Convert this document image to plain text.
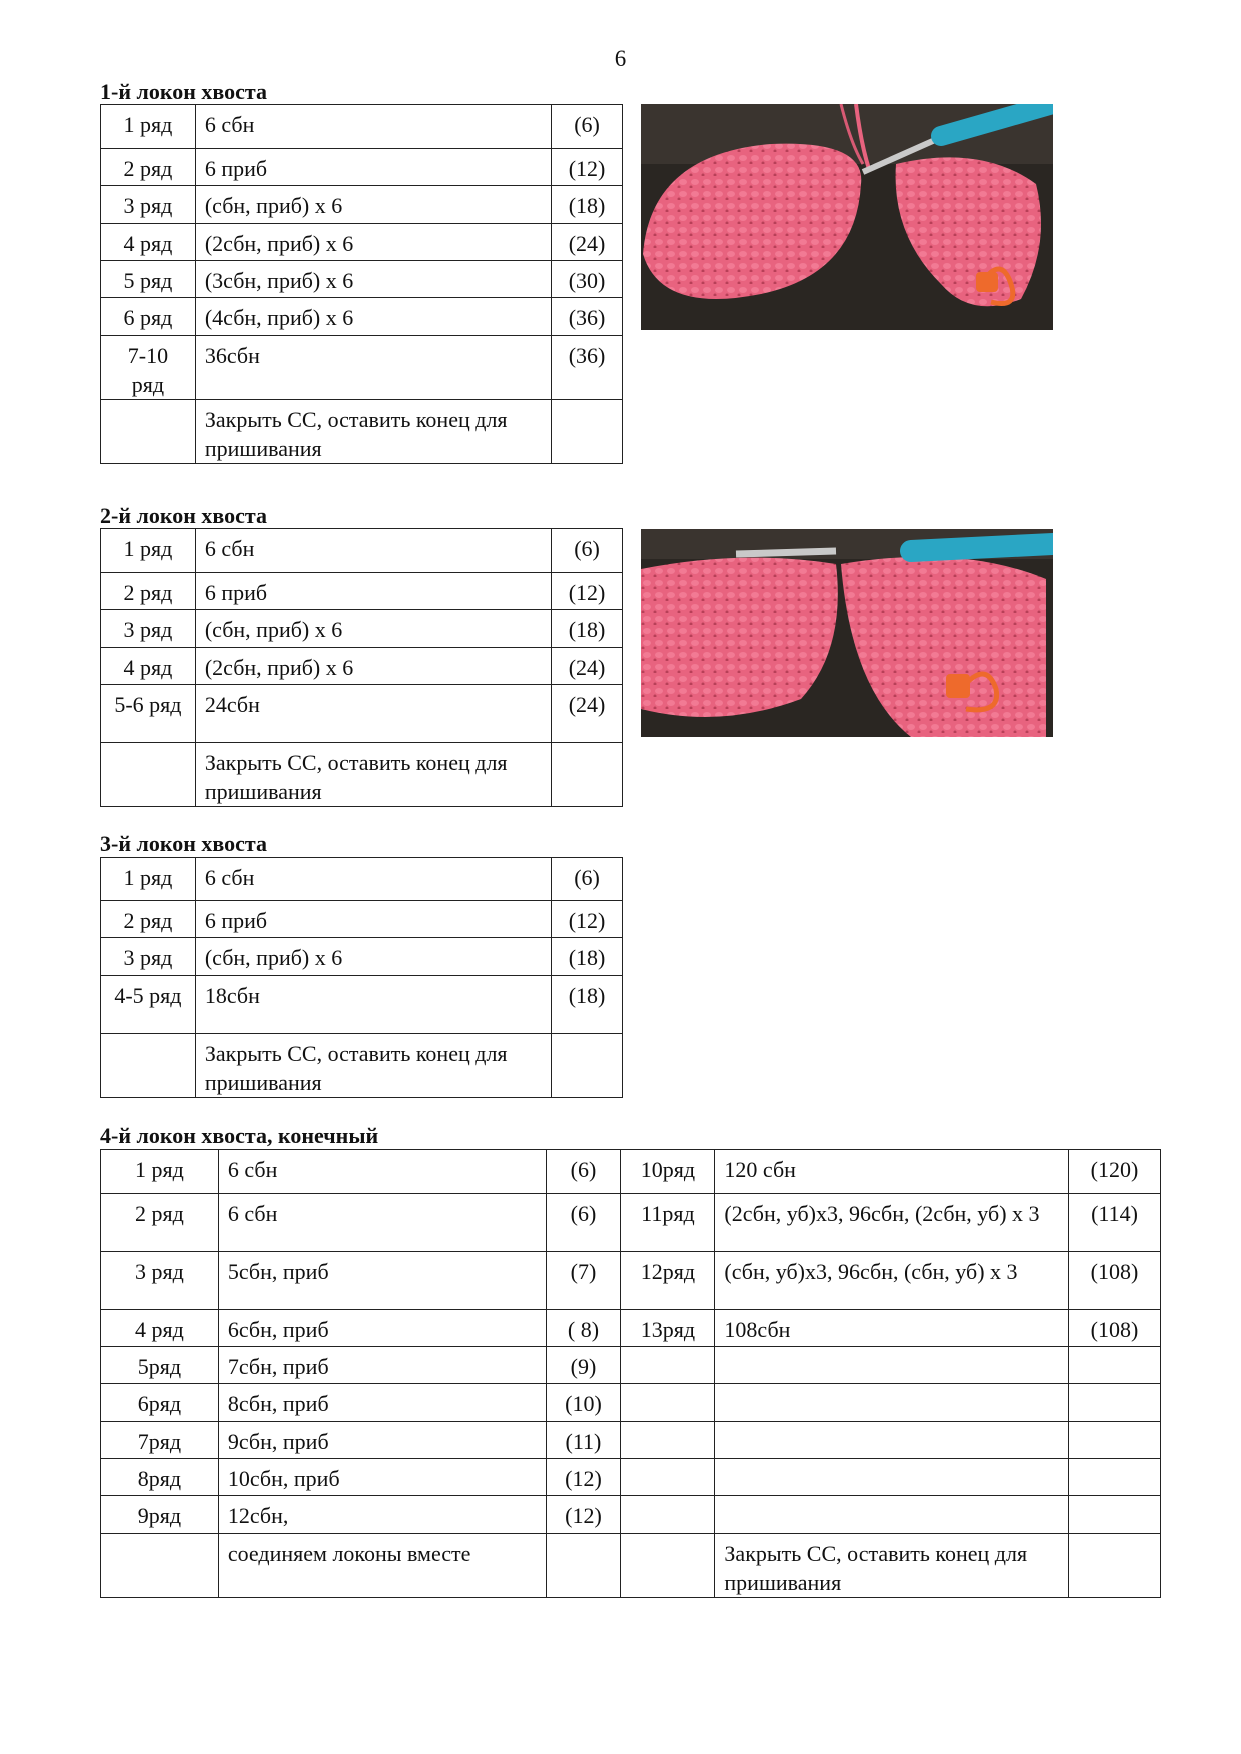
6
1-й локон хвоста
1 ряд	6 сбн	(6)
2 ряд	6 приб	(12)
3 ряд	(сбн, приб) х 6	(18)
4 ряд	(2сбн, приб) х 6	(24)
5 ряд	(3сбн, приб) х 6	(30)
6 ряд	(4сбн, приб) х 6	(36)
7-10 ряд	36сбн	(36)
	Закрыть СС, оставить конец для пришивания	
2-й локон хвоста
1 ряд	6 сбн	(6)
2 ряд	6 приб	(12)
3 ряд	(сбн, приб) х 6	(18)
4 ряд	(2сбн, приб) х 6	(24)
5-6 ряд	24сбн	(24)
	Закрыть СС, оставить конец для пришивания	
3-й локон хвоста
1 ряд	6 сбн	(6)
2 ряд	6 приб	(12)
3 ряд	(сбн, приб) х 6	(18)
4-5 ряд	18сбн	(18)
	Закрыть СС, оставить конец для пришивания	
4-й локон хвоста, конечный
1 ряд	6 сбн	(6)	10ряд	120 сбн	(120)
2 ряд	6 сбн	(6)	11ряд	(2сбн, уб)х3, 96сбн, (2сбн, уб) х 3	(114)
3 ряд	5сбн, приб	(7)	12ряд	(сбн, уб)х3, 96сбн, (сбн, уб) х 3	(108)
4 ряд	6сбн, приб	( 8)	13ряд	108сбн	(108)
5ряд	7сбн, приб	(9)			
6ряд	8сбн, приб	(10)			
7ряд	9сбн, приб	(11)			
8ряд	10сбн, приб	(12)			
9ряд	12сбн,	(12)			
	соединяем локоны вместе			Закрыть СС, оставить конец для пришивания	
